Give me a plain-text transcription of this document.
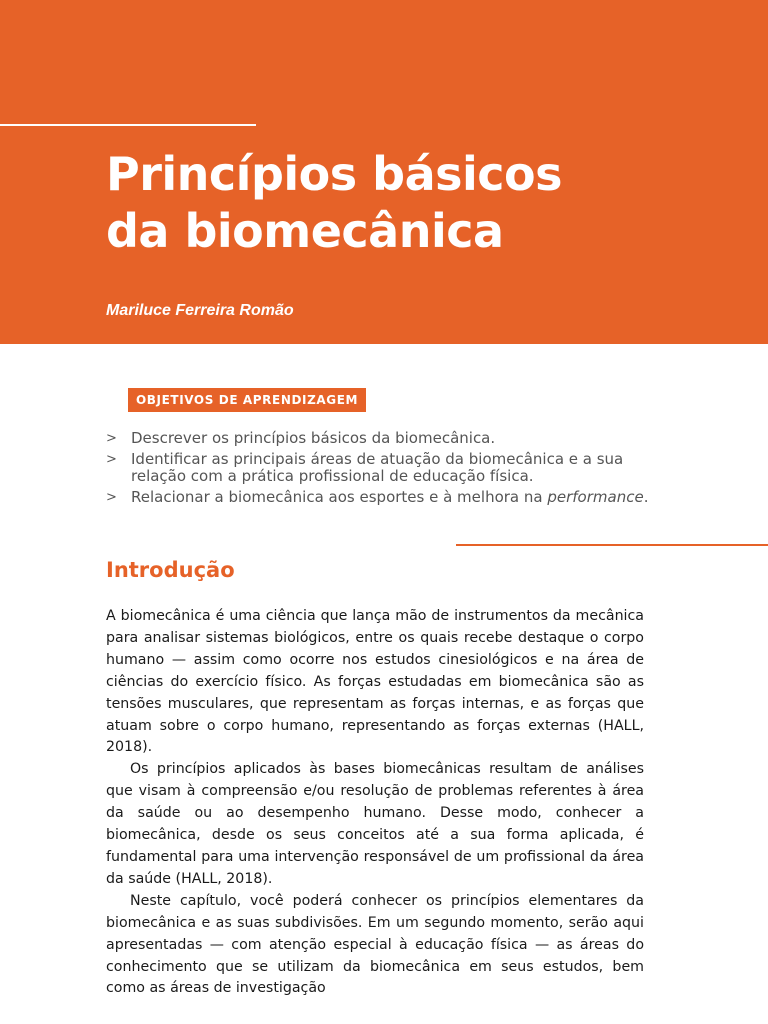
Princípios básicos
da biomecânica
Mariluce Ferreira Romão
OBJETIVOS DE APRENDIZAGEM
> Descrever os princípios básicos da biomecânica.
> Identificar as principais áreas de atuação da biomecânica e a sua relação com a prática profissional de educação física.
> Relacionar a biomecânica aos esportes e à melhora na performance.
Introdução

A biomecânica é uma ciência que lança mão de instrumentos da mecânica para analisar sistemas biológicos, entre os quais recebe destaque o corpo humano — assim como ocorre nos estudos cinesiológicos e na área de ciências do exercício físico. As forças estudadas em biomecânica são as tensões musculares, que representam as forças internas, e as forças que atuam sobre o corpo humano, representando as forças externas (HALL, 2018).

Os princípios aplicados às bases biomecânicas resultam de análises que visam à compreensão e/ou resolução de problemas referentes à área da saúde ou ao desempenho humano. Desse modo, conhecer a biomecânica, desde os seus conceitos até a sua forma aplicada, é fundamental para uma intervenção responsável de um profissional da área da saúde (HALL, 2018).

Neste capítulo, você poderá conhecer os princípios elementares da biomecânica e as suas subdivisões. Em um segundo momento, serão aqui apresentadas — com atenção especial à educação física — as áreas do conhecimento que se utilizam da biomecânica em seus estudos, bem como as áreas de investigação
